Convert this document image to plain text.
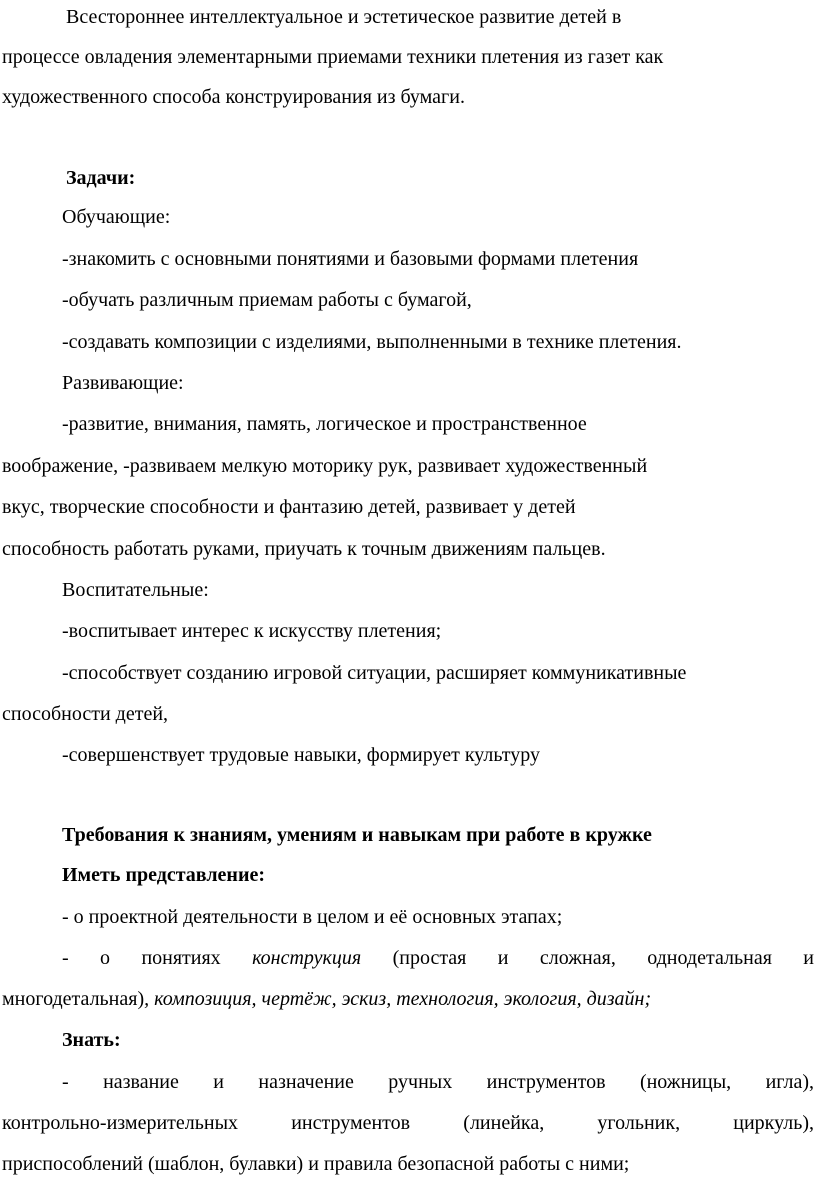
Всестороннее интеллектуальное и эстетическое развитие детей в
процессе овладения элементарными приемами техники плетения из газет как
художественного способа конструирования из бумаги.
Задачи:
Обучающие:
-знакомить с основными понятиями и базовыми формами плетения
-обучать различным приемам работы с бумагой,
-создавать композиции с изделиями, выполненными в технике плетения.
Развивающие:
-развитие, внимания, память, логическое и пространственное
воображение, -развиваем мелкую моторику рук, развивает художественный
вкус, творческие способности и фантазию детей, развивает у детей
способность работать руками, приучать к точным движениям пальцев.
Воспитательные:
-воспитывает интерес к искусству плетения;
-способствует созданию игровой ситуации, расширяет коммуникативные
способности детей,
-совершенствует трудовые навыки, формирует культуру
Требования к знаниям, умениям и навыкам при работе в кружке
Иметь представление:
- о проектной деятельности в целом и её основных этапах;
- о понятиях конструкция (простая и сложная, однодетальная и
многодетальная), композиция, чертёж, эскиз, технология, экология, дизайн;
Знать:
- название и назначение ручных инструментов (ножницы, игла),
контрольно-измерительных инструментов (линейка, угольник, циркуль),
приспособлений (шаблон, булавки) и правила безопасной работы с ними;
